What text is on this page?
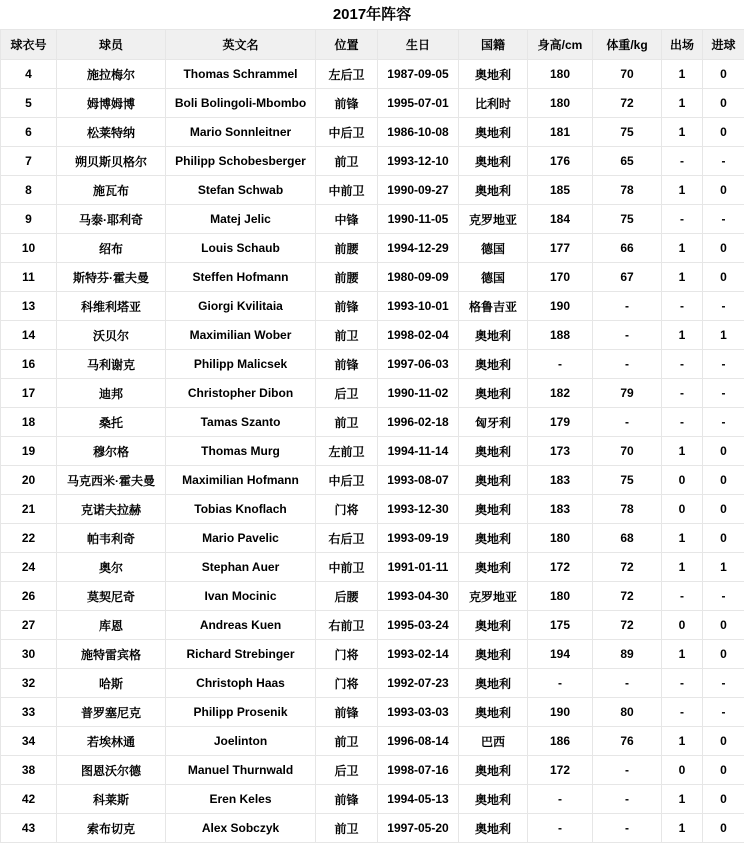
2017年阵容
球衣号	球员	英文名	位置	生日	国籍	身高/cm	体重/kg	出场	进球
4	施拉梅尔	Thomas Schrammel	左后卫	1987-09-05	奥地利	180	70	1	0
5	姆博姆博	Boli Bolingoli-Mbombo	前锋	1995-07-01	比利时	180	72	1	0
6	松莱特纳	Mario Sonnleitner	中后卫	1986-10-08	奥地利	181	75	1	0
7	朔贝斯贝格尔	Philipp Schobesberger	前卫	1993-12-10	奥地利	176	65	-	-
8	施瓦布	Stefan Schwab	中前卫	1990-09-27	奥地利	185	78	1	0
9	马泰·耶利奇	Matej Jelic	中锋	1990-11-05	克罗地亚	184	75	-	-
10	绍布	Louis Schaub	前腰	1994-12-29	德国	177	66	1	0
11	斯特芬·霍夫曼	Steffen Hofmann	前腰	1980-09-09	德国	170	67	1	0
13	科维利塔亚	Giorgi Kvilitaia	前锋	1993-10-01	格鲁吉亚	190	-	-	-
14	沃贝尔	Maximilian Wober	前卫	1998-02-04	奥地利	188	-	1	1
16	马利谢克	Philipp Malicsek	前锋	1997-06-03	奥地利	-	-	-	-
17	迪邦	Christopher Dibon	后卫	1990-11-02	奥地利	182	79	-	-
18	桑托	Tamas Szanto	前卫	1996-02-18	匈牙利	179	-	-	-
19	穆尔格	Thomas Murg	左前卫	1994-11-14	奥地利	173	70	1	0
20	马克西米·霍夫曼	Maximilian Hofmann	中后卫	1993-08-07	奥地利	183	75	0	0
21	克诺夫拉赫	Tobias Knoflach	门将	1993-12-30	奥地利	183	78	0	0
22	帕韦利奇	Mario Pavelic	右后卫	1993-09-19	奥地利	180	68	1	0
24	奥尔	Stephan Auer	中前卫	1991-01-11	奥地利	172	72	1	1
26	莫契尼奇	Ivan Mocinic	后腰	1993-04-30	克罗地亚	180	72	-	-
27	库恩	Andreas Kuen	右前卫	1995-03-24	奥地利	175	72	0	0
30	施特雷宾格	Richard Strebinger	门将	1993-02-14	奥地利	194	89	1	0
32	哈斯	Christoph Haas	门将	1992-07-23	奥地利	-	-	-	-
33	普罗塞尼克	Philipp Prosenik	前锋	1993-03-03	奥地利	190	80	-	-
34	若埃林通	Joelinton	前卫	1996-08-14	巴西	186	76	1	0
38	图恩沃尔德	Manuel Thurnwald	后卫	1998-07-16	奥地利	172	-	0	0
42	科莱斯	Eren Keles	前锋	1994-05-13	奥地利	-	-	1	0
43	索布切克	Alex Sobczyk	前卫	1997-05-20	奥地利	-	-	1	0
